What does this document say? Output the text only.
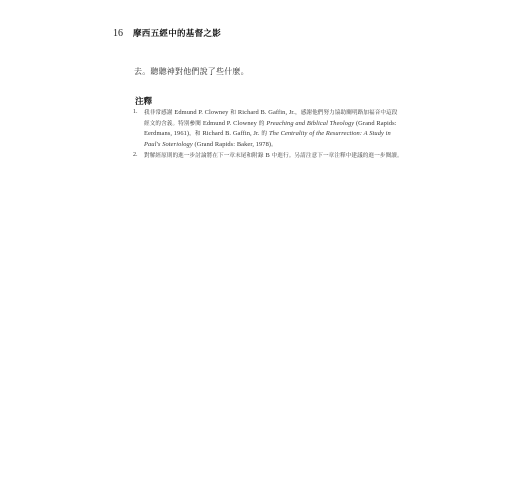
16 摩西五經中的基督之影
去。聽聽神對他們說了些什麼。
注釋
1.	我非常感謝 Edmund P. Clowney 和 Richard B. Gaffin, Jr.，感謝他們努力協助闡明路加福音中這段經文的含義。特別參閱 Edmund P. Clowney 的 Preaching and Biblical Theology (Grand Rapids: Eerdmans, 1961)，和 Richard B. Gaffin, Jr. 的 The Centrality of the Resurrection: A Study in Paul's Soteriology (Grand Rapids: Baker, 1978)。
2.	對解經原則的進一步討論將在下一章末尾和附錄 B 中進行。另請注意下一章注釋中建議的進一步閱讀。
